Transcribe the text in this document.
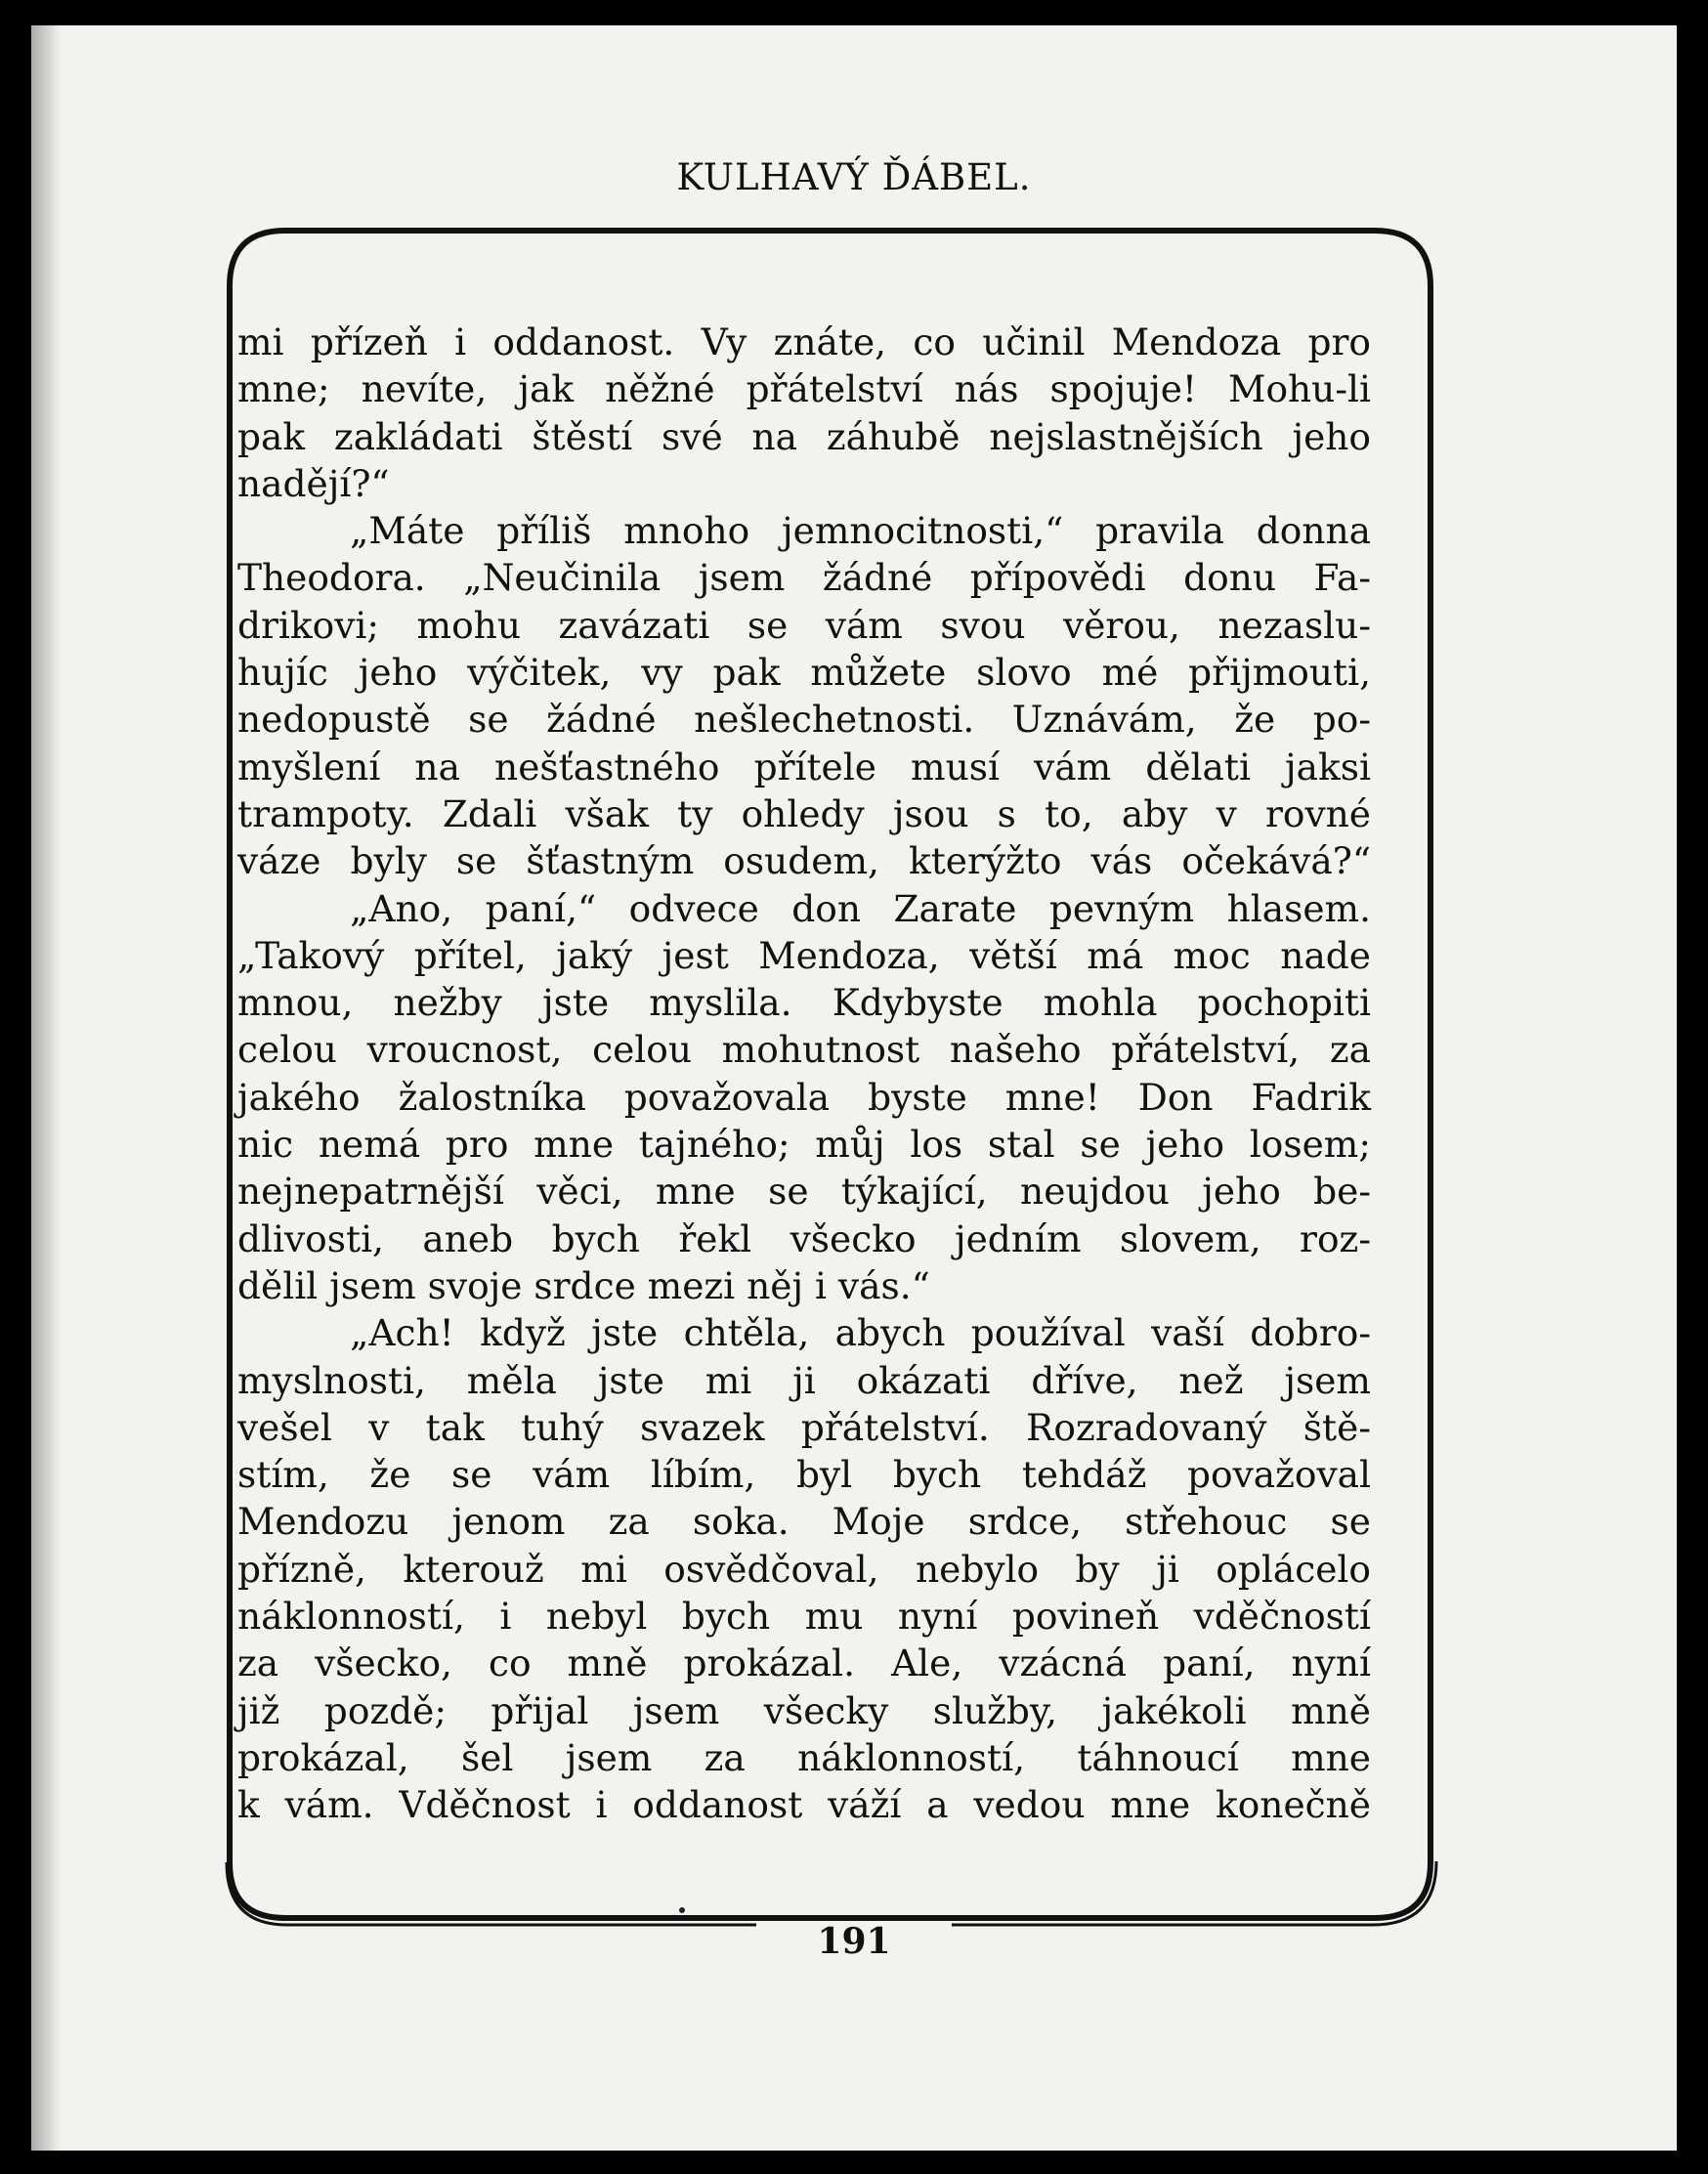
KULHAVÝ ĎÁBEL.
mi přízeň i oddanost. Vy znáte, co učinil Mendoza pro
mne; nevíte, jak něžné přátelství nás spojuje! Mohu-li
pak zakládati štěstí své na záhubě nejslastnějších jeho
nadějí?“
„Máte příliš mnoho jemnocitnosti,“ pravila donna
Theodora. „Neučinila jsem žádné přípovědi donu Fa-
drikovi; mohu zavázati se vám svou věrou, nezaslu-
hujíc jeho výčitek, vy pak můžete slovo mé přijmouti,
nedopustě se žádné nešlechetnosti. Uznávám, že po-
myšlení na nešťastného přítele musí vám dělati jaksi
trampoty. Zdali však ty ohledy jsou s to, aby v rovné
váze byly se šťastným osudem, kterýžto vás očekává?“
„Ano, paní,“ odvece don Zarate pevným hlasem.
„Takový přítel, jaký jest Mendoza, větší má moc nade
mnou, nežby jste myslila. Kdybyste mohla pochopiti
celou vroucnost, celou mohutnost našeho přátelství, za
jakého žalostníka považovala byste mne! Don Fadrik
nic nemá pro mne tajného; můj los stal se jeho losem;
nejnepatrnější věci, mne se týkající, neujdou jeho be-
dlivosti, aneb bych řekl všecko jedním slovem, roz-
dělil jsem svoje srdce mezi něj i vás.“
„Ach! když jste chtěla, abych používal vaší dobro-
myslnosti, měla jste mi ji okázati dříve, než jsem
vešel v tak tuhý svazek přátelství. Rozradovaný ště-
stím, že se vám líbím, byl bych tehdáž považoval
Mendozu jenom za soka. Moje srdce, střehouc se
přízně, kterouž mi osvědčoval, nebylo by ji oplácelo
náklonností, i nebyl bych mu nyní povineň vděčností
za všecko, co mně prokázal. Ale, vzácná paní, nyní
již pozdě; přijal jsem všecky služby, jakékoli mně
prokázal, šel jsem za náklonností, táhnoucí mne
k vám. Vděčnost i oddanost váží a vedou mne konečně
191
